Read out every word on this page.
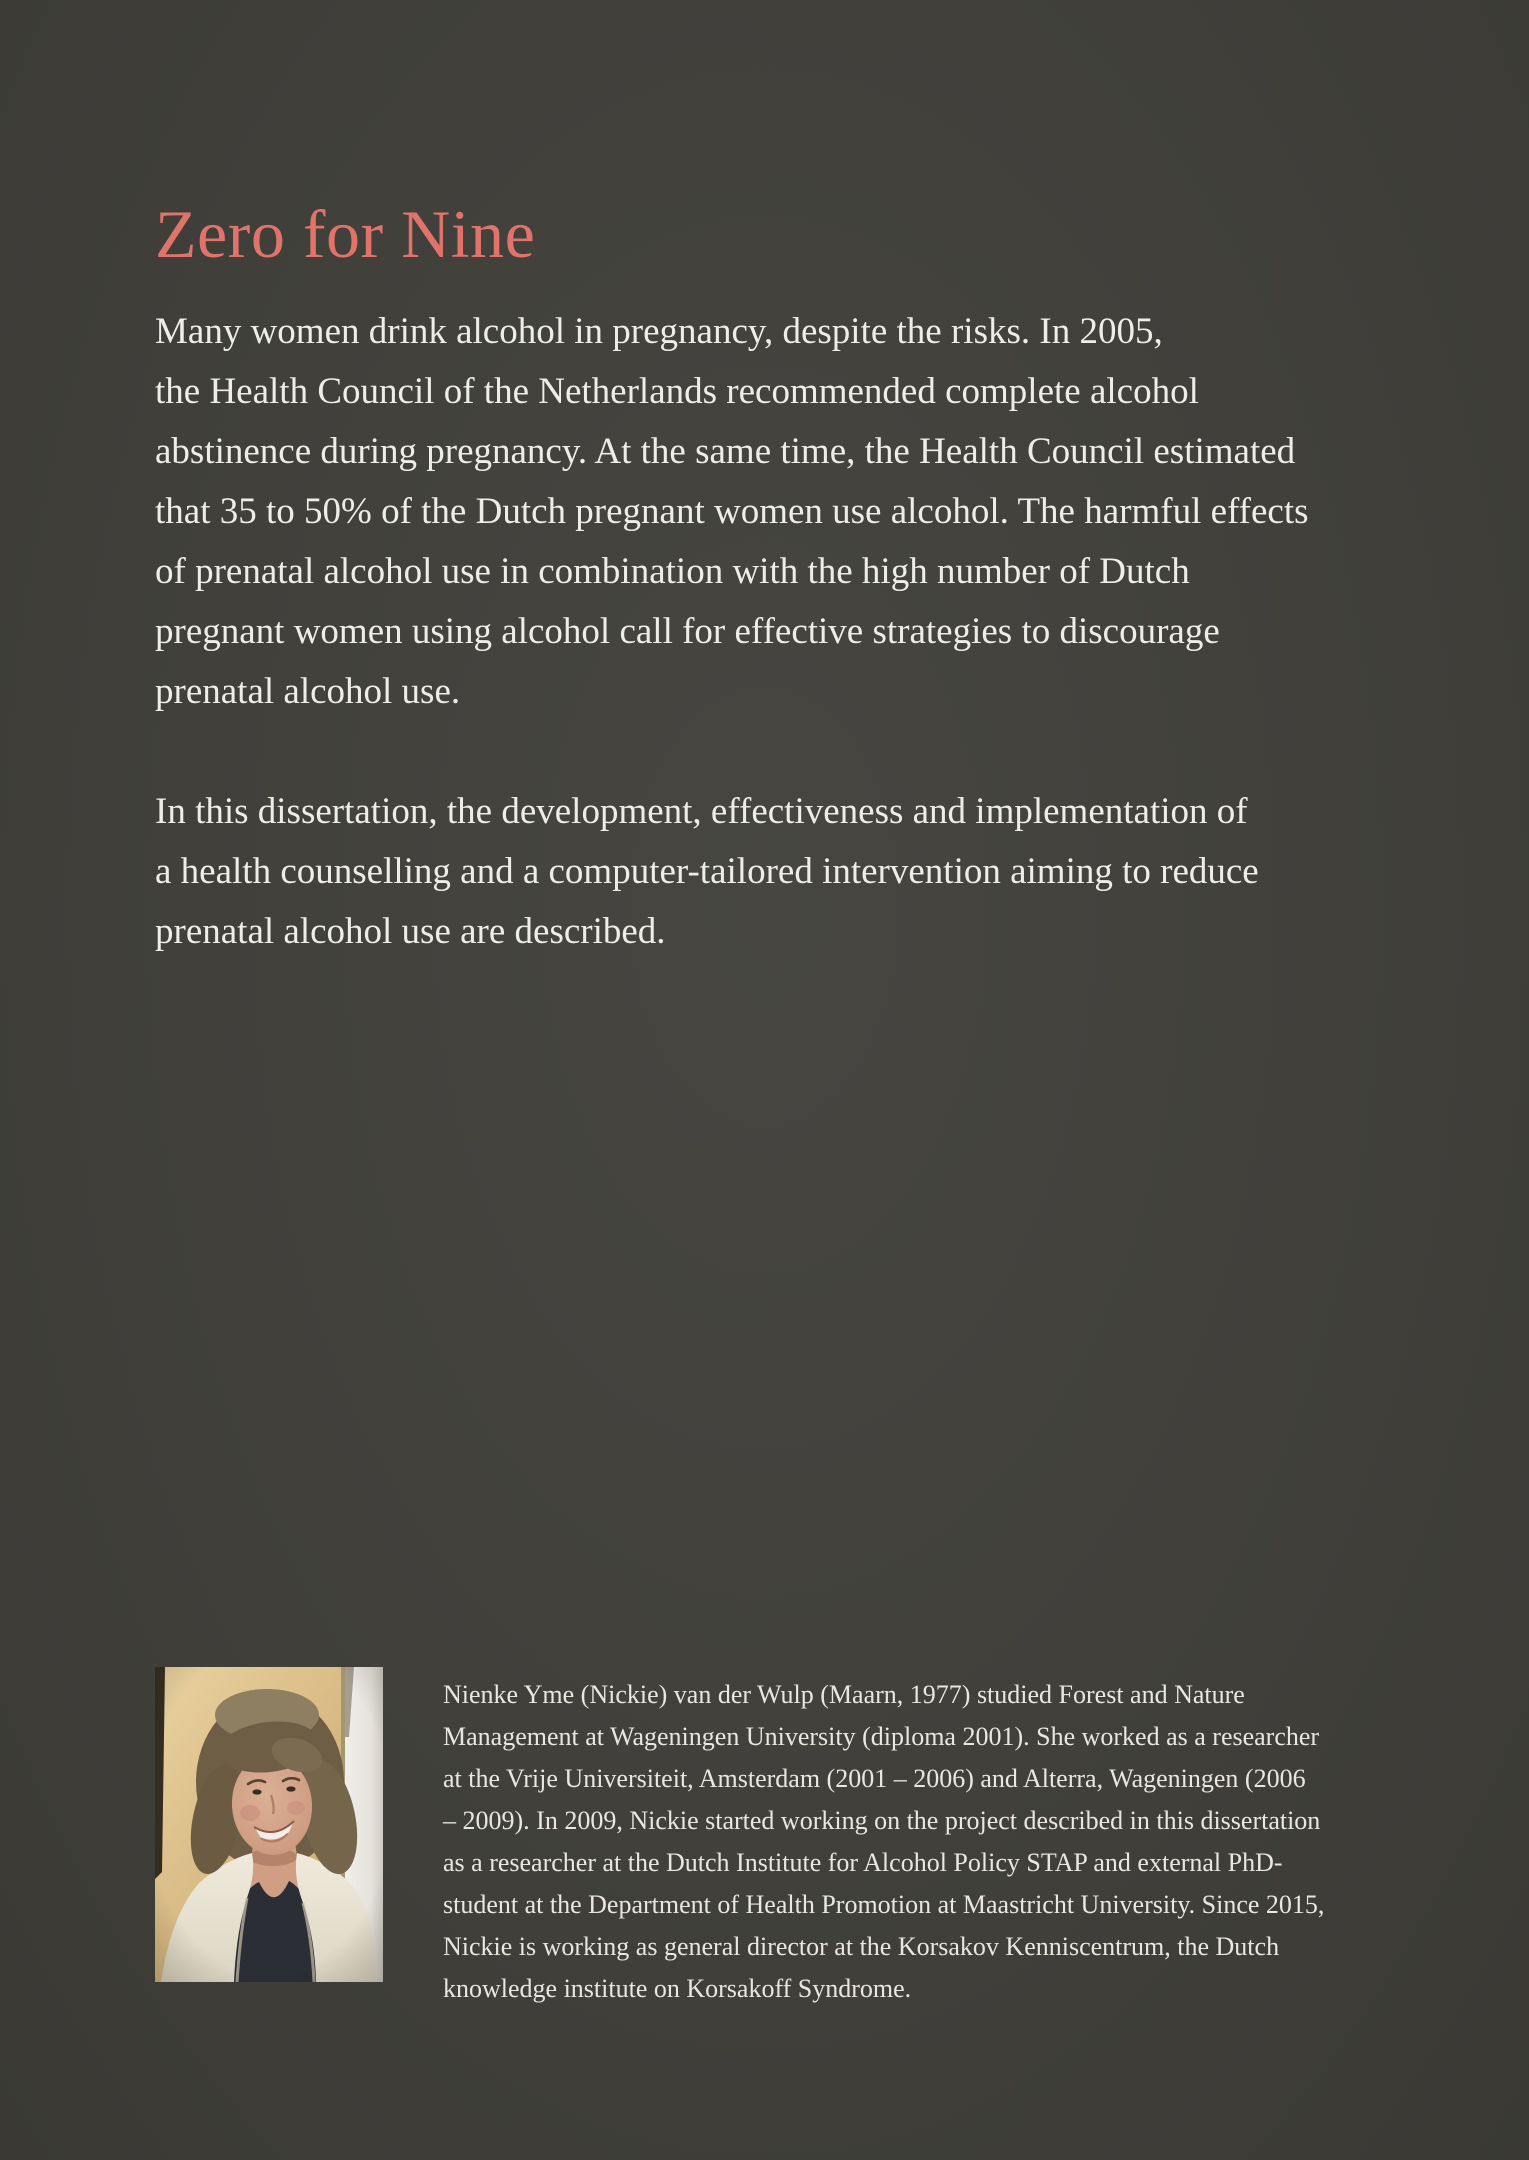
Zero for Nine
Many women drink alcohol in pregnancy, despite the risks. In 2005,
the Health Council of the Netherlands recommended complete alcohol
abstinence during pregnancy. At the same time, the Health Council estimated
that 35 to 50% of the Dutch pregnant women use alcohol. The harmful effects
of prenatal alcohol use in combination with the high number of Dutch
pregnant women using alcohol call for effective strategies to discourage
prenatal alcohol use.
In this dissertation, the development, effectiveness and implementation of
a health counselling and a computer-tailored intervention aiming to reduce
prenatal alcohol use are described.
Nienke Yme (Nickie) van der Wulp (Maarn, 1977) studied Forest and Nature
Management at Wageningen University (diploma 2001). She worked as a researcher
at the Vrije Universiteit, Amsterdam (2001 – 2006) and Alterra, Wageningen (2006
– 2009). In 2009, Nickie started working on the project described in this dissertation
as a researcher at the Dutch Institute for Alcohol Policy STAP and external PhD-
student at the Department of Health Promotion at Maastricht University. Since 2015,
Nickie is working as general director at the Korsakov Kenniscentrum, the Dutch
knowledge institute on Korsakoff Syndrome.
